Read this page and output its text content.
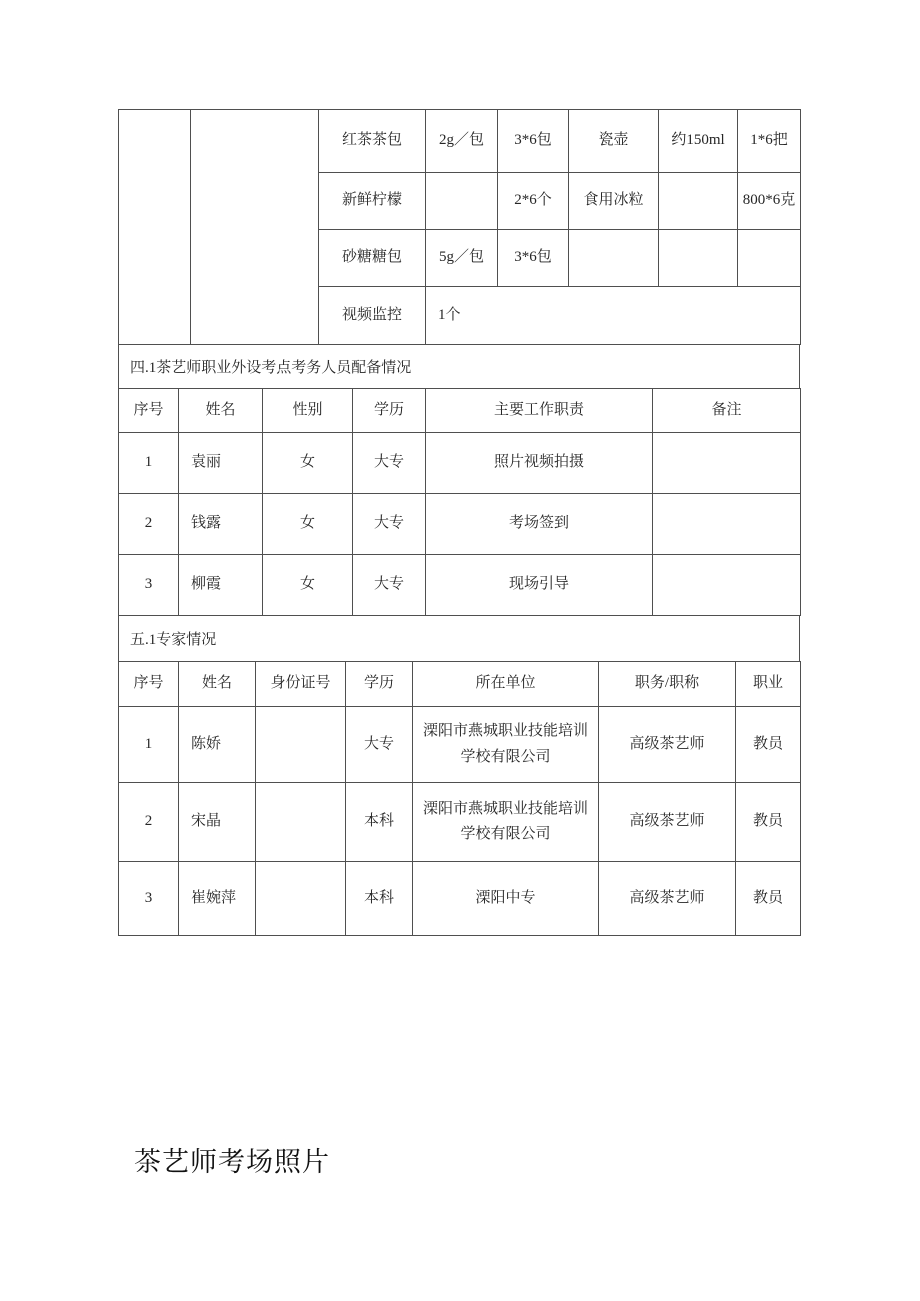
		红茶茶包	2g／包	3*6包	瓷壶	约150ml	1*6把
		新鲜柠檬		2*6个	食用冰粒		800*6克
		砂糖糖包	5g／包	3*6包			
		视频监控	1个				
四.1茶艺师职业外设考点考务人员配备情况
序号	姓名	性别	学历	主要工作职责	备注
1	袁丽	女	大专	照片视频拍摄	
2	钱露	女	大专	考场签到	
3	柳霞	女	大专	现场引导	
五.1专家情况
序号	姓名	身份证号	学历	所在单位	职务/职称	职业
1	陈娇		大专	溧阳市燕城职业技能培训学校有限公司	高级茶艺师	教员
2	宋晶		本科	溧阳市燕城职业技能培训学校有限公司	高级茶艺师	教员
3	崔婉萍		本科	溧阳中专	高级茶艺师	教员
茶艺师考场照片
